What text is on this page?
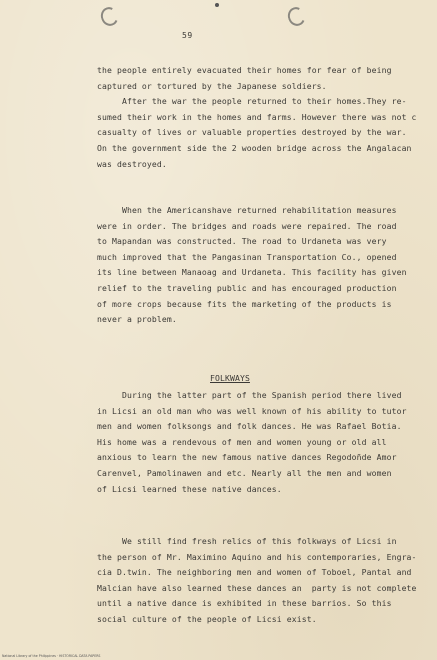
59
the people entirely evacuated their homes for fear of being
captured or tortured by the Japanese soldiers.
After the war the people returned to their homes.They re-
sumed their work in the homes and farms. However there was not c
casualty of lives or valuable properties destroyed by the war.
On the government side the 2 wooden bridge across the Angalacan
was destroyed.
When the Americanshave returned rehabilitation measures
were in order. The bridges and roads were repaired. The road
to Mapandan was constructed. The road to Urdaneta was very
much improved that the Pangasinan Transportation Co., opened
its line between Manaoag and Urdaneta. This facility has given
relief to the traveling public and has encouraged production
of more crops because fits the marketing of the products is
never a problem.
FOLKWAYS
During the latter part of the Spanish period there lived
in Licsi an old man who was well known of his ability to tutor
men and women folksongs and folk dances. He was Rafael Botia.
His home was a rendevous of men and women young or old all
anxious to learn the new famous native dances Regodoñde Amor
Carenvel, Pamolinawen and etc. Nearly all the men and women
of Licsi learned these native dances.
We still find fresh relics of this folkways of Licsi in
the person of Mr. Maximino Aquino and his contemporaries, Engra-
cia D.twin. The neighboring men and women of Toboel, Pantal and
Malcian have also learned these dances an  party is not complete
until a native dance is exhibited in these barrios. So this
social culture of the people of Licsi exist.
National Library of the Philippines · HISTORICAL DATA PAPERS
